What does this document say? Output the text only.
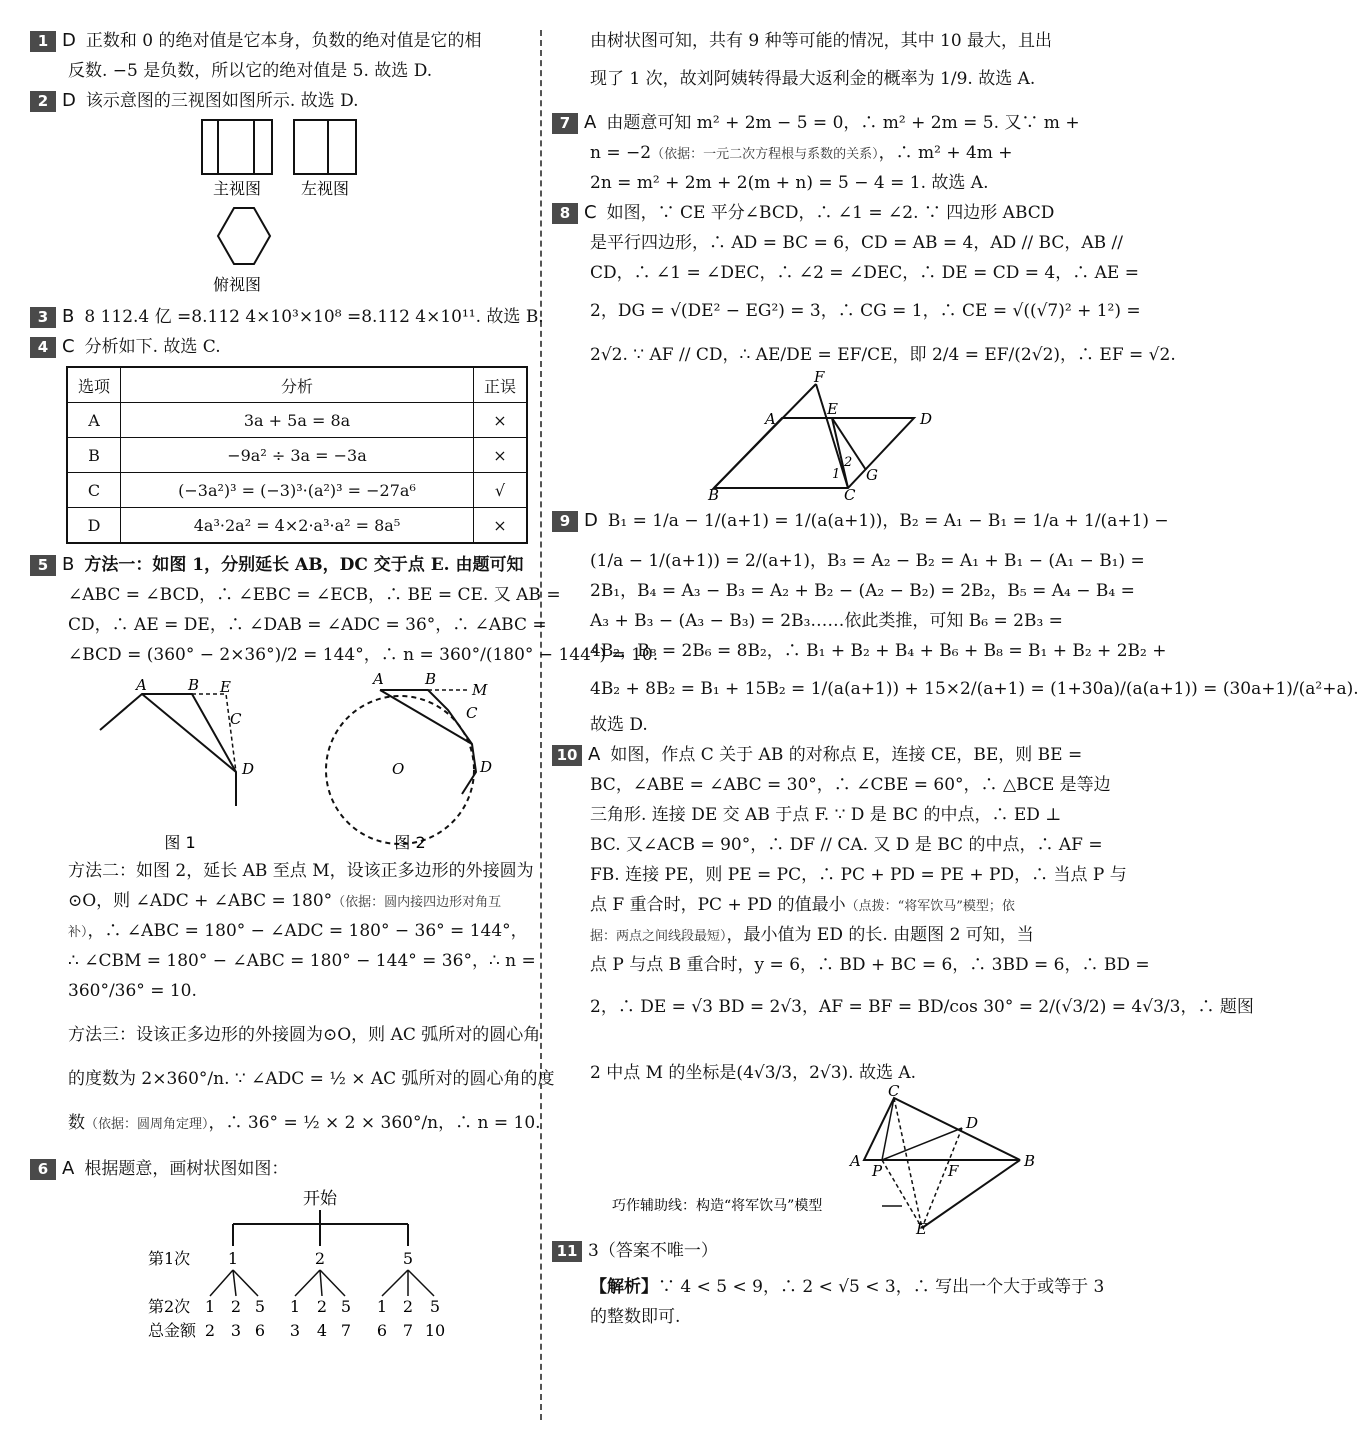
1 D 正数和 0 的绝对值是它本身，负数的绝对值是它的相
反数. −5 是负数，所以它的绝对值是 5. 故选 D.
2 D 该示意图的三视图如图所示. 故选 D.
主视图 左视图
俯视图
3 B 8 112.4 亿 =8.112 4×10³×10⁸ =8.112 4×10¹¹. 故选 B.
4 C 分析如下. 故选 C.
选项	分析	正误
A	3a + 5a = 8a	×
B	−9a² ÷ 3a = −3a	×
C	(−3a²)³ = (−3)³·(a²)³ = −27a⁶	√
D	4a³·2a² = 4×2·a³·a² = 8a⁵	×
5 B 方法一：如图 1，分别延长 AB，DC 交于点 E. 由题可知
∠ABC = ∠BCD，∴ ∠EBC = ∠ECB，∴ BE = CE. 又 AB =
CD，∴ AE = DE，∴ ∠DAB = ∠ADC = 36°，∴ ∠ABC =
∠BCD = (360° − 2×36°)/2 = 144°，∴ n = 360°/(180° − 144°) = 10.
A	B E
C
D
图 1
A	B
M
C
D
O
图 2
方法二：如图 2，延长 AB 至点 M，设该正多边形的外接圆为
⊙O，则 ∠ADC + ∠ABC = 180°（依据：圆内接四边形对角互
补），∴ ∠ABC = 180° − ∠ADC = 180° − 36° = 144°，
∴ ∠CBM = 180° − ∠ABC = 180° − 144° = 36°，∴ n =
360°/36° = 10.
方法三：设该正多边形的外接圆为⊙O，则 AC 弧所对的圆心角
的度数为 2×360°/n. ∵ ∠ADC = ½ × AC 弧所对的圆心角的度
数（依据：圆周角定理），∴ 36° = ½ × 2 × 360°/n，∴ n = 10.
6 A 根据题意，画树状图如图：
开始
第1次 1	2	5
第2次
总金额
1 2 5 1 2 5 1 2 5
2 3 6 3 4 7 6 7 10
由树状图可知，共有 9 种等可能的情况，其中 10 最大，且出
现了 1 次，故刘阿姨转得最大返利金的概率为 1/9. 故选 A.
7 A 由题意可知 m² + 2m − 5 = 0，∴ m² + 2m = 5. 又∵ m +
n = −2（依据：一元二次方程根与系数的关系），∴ m² + 4m +
2n = m² + 2m + 2(m + n) = 5 − 4 = 1. 故选 A.
8 C 如图，∵ CE 平分∠BCD，∴ ∠1 = ∠2. ∵ 四边形 ABCD
是平行四边形，∴ AD = BC = 6，CD = AB = 4，AD // BC，AB //
CD，∴ ∠1 = ∠DEC，∴ ∠2 = ∠DEC，∴ DE = CD = 4，∴ AE =
2，DG = √(DE² − EG²) = 3，∴ CG = 1，∴ CE = √((√7)² + 1²) =
2√2. ∵ AF // CD，∴ AE/DE = EF/CE，即 2/4 = EF/(2√2)，∴ EF = √2.
F
E
A	D
2
1 G
B	C
9 D B₁ = 1/a − 1/(a+1) = 1/(a(a+1))，B₂ = A₁ − B₁ = 1/a + 1/(a+1) −
(1/a − 1/(a+1)) = 2/(a+1)，B₃ = A₂ − B₂ = A₁ + B₁ − (A₁ − B₁) =
2B₁，B₄ = A₃ − B₃ = A₂ + B₂ − (A₂ − B₂) = 2B₂，B₅ = A₄ − B₄ =
A₃ + B₃ − (A₃ − B₃) = 2B₃……依此类推，可知 B₆ = 2B₃ =
4B₂，B₈ = 2B₆ = 8B₂，∴ B₁ + B₂ + B₄ + B₆ + B₈ = B₁ + B₂ + 2B₂ +
4B₂ + 8B₂ = B₁ + 15B₂ = 1/(a(a+1)) + 15×2/(a+1) = (1+30a)/(a(a+1)) = (30a+1)/(a²+a).
故选 D.
10 A 如图，作点 C 关于 AB 的对称点 E，连接 CE，BE，则 BE =
BC，∠ABE = ∠ABC = 30°，∴ ∠CBE = 60°，∴ △BCE 是等边
三角形. 连接 DE 交 AB 于点 F. ∵ D 是 BC 的中点，∴ ED ⊥
BC. 又∠ACB = 90°，∴ DF // CA. 又 D 是 BC 的中点，∴ AF =
FB. 连接 PE，则 PE = PC，∴ PC + PD = PE + PD，∴ 当点 P 与
点 F 重合时，PC + PD 的值最小（点拨：“将军饮马”模型；依
据：两点之间线段最短），最小值为 ED 的长. 由题图 2 可知，当
点 P 与点 B 重合时，y = 6，∴ BD + BC = 6，∴ 3BD = 6，∴ BD =
2，∴ DE = √3 BD = 2√3，AF = BF = BD/cos 30° = 2/(√3/2) = 4√3/3，∴ 题图
2 中点 M 的坐标是(4√3/3，2√3). 故选 A.
C
D
A
P	F
B
E
巧作辅助线：构造“将军饮马”模型
11 3（答案不唯一）
【解析】∵ 4 < 5 < 9，∴ 2 < √5 < 3，∴ 写出一个大于或等于 3
的整数即可.
